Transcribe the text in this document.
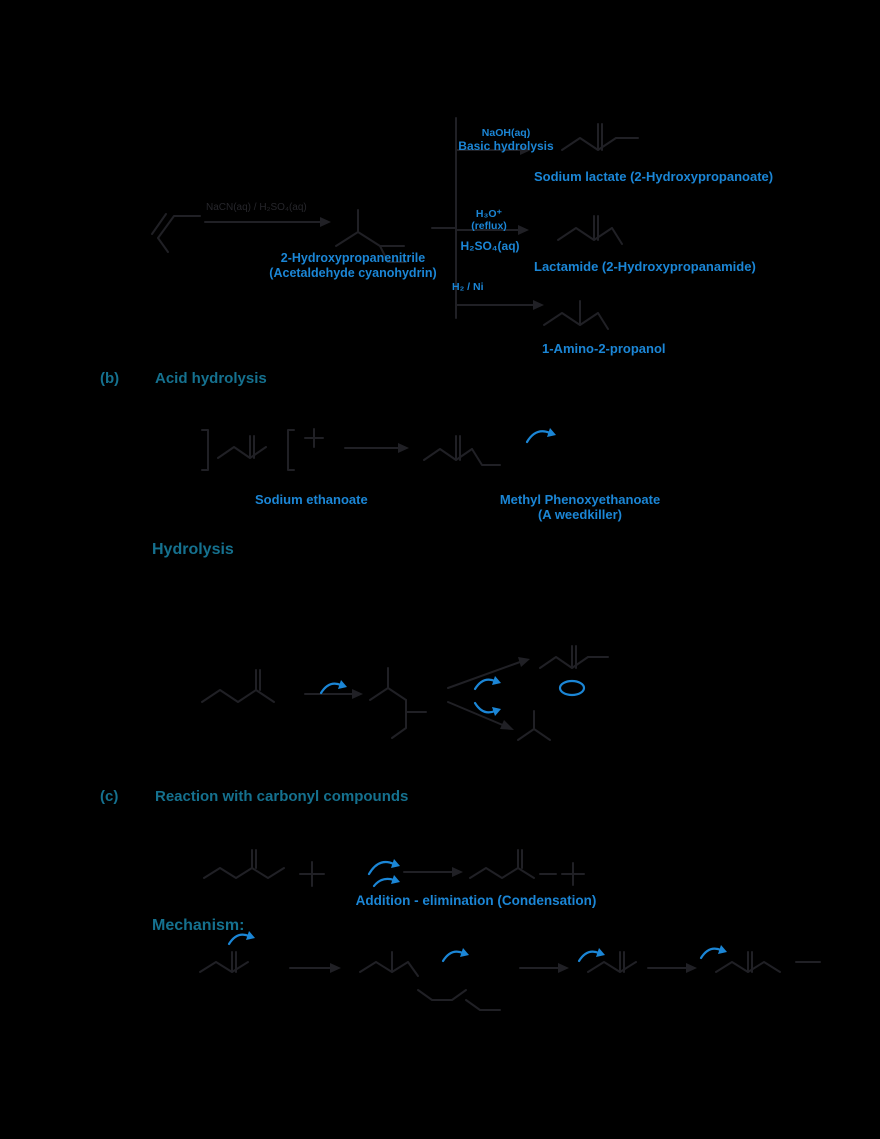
NaCN(aq) / H₂SO₄(aq)
2-Hydroxypropanenitrile
(Acetaldehyde cyanohydrin)
NaOH(aq)
Basic hydrolysis
H₃O⁺
(reflux)
H₂SO₄(aq)
H₂ / Ni
Sodium lactate (2-Hydroxypropanoate)
Lactamide (2-Hydroxypropanamide)
1-Amino-2-propanol
(b) Acid hydrolysis
Sodium ethanoate	Methyl Phenoxyethanoate
(A weedkiller)
Hydrolysis
(c) Reaction with carbonyl compounds
Addition - elimination (Condensation)
Mechanism:
